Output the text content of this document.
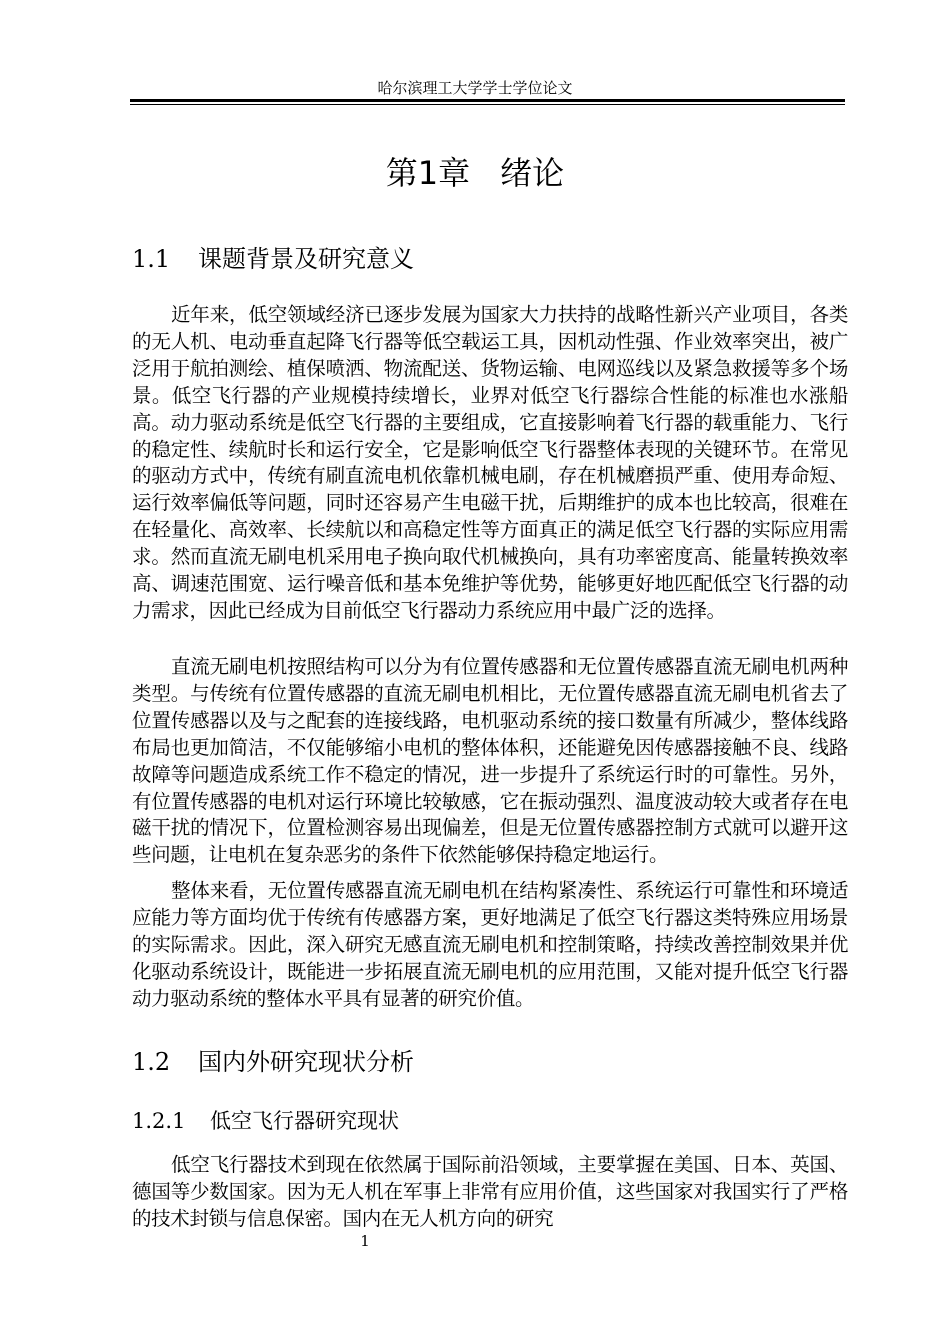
哈尔滨理工大学学士学位论文
第1章 绪论
1.1 课题背景及研究意义

近年来，低空领域经济已逐步发展为国家大力扶持的战略性新兴产业项目，各类的无人机、电动垂直起降飞行器等低空载运工具，因机动性强、作业效率突出，被广泛用于航拍测绘、植保喷洒、物流配送、货物运输、电网巡线以及紧急救援等多个场景。低空飞行器的产业规模持续增长，业界对低空飞行器综合性能的标准也水涨船高。动力驱动系统是低空飞行器的主要组成，它直接影响着飞行器的载重能力、飞行的稳定性、续航时长和运行安全，它是影响低空飞行器整体表现的关键环节。在常见的驱动方式中，传统有刷直流电机依靠机械电刷，存在机械磨损严重、使用寿命短、运行效率偏低等问题，同时还容易产生电磁干扰，后期维护的成本也比较高，很难在在轻量化、高效率、长续航以和高稳定性等方面真正的满足低空飞行器的实际应用需求。然而直流无刷电机采用电子换向取代机械换向，具有功率密度高、能量转换效率高、调速范围宽、运行噪音低和基本免维护等优势，能够更好地匹配低空飞行器的动力需求，因此已经成为目前低空飞行器动力系统应用中最广泛的选择。

直流无刷电机按照结构可以分为有位置传感器和无位置传感器直流无刷电机两种类型。与传统有位置传感器的直流无刷电机相比，无位置传感器直流无刷电机省去了位置传感器以及与之配套的连接线路，电机驱动系统的接口数量有所减少，整体线路布局也更加简洁，不仅能够缩小电机的整体体积，还能避免因传感器接触不良、线路故障等问题造成系统工作不稳定的情况，进一步提升了系统运行时的可靠性。另外，有位置传感器的电机对运行环境比较敏感，它在振动强烈、温度波动较大或者存在电磁干扰的情况下，位置检测容易出现偏差，但是无位置传感器控制方式就可以避开这些问题，让电机在复杂恶劣的条件下依然能够保持稳定地运行。

整体来看，无位置传感器直流无刷电机在结构紧凑性、系统运行可靠性和环境适应能力等方面均优于传统有传感器方案，更好地满足了低空飞行器这类特殊应用场景的实际需求。因此，深入研究无感直流无刷电机和控制策略，持续改善控制效果并优化驱动系统设计，既能进一步拓展直流无刷电机的应用范围，又能对提升低空飞行器动力驱动系统的整体水平具有显著的研究价值。

1.2 国内外研究现状分析
1.2.1 低空飞行器研究现状

低空飞行器技术到现在依然属于国际前沿领域，主要掌握在美国、日本、英国、德国等少数国家。因为无人机在军事上非常有应用价值，这些国家对我国实行了严格的技术封锁与信息保密。国内在无人机方向的研究

1
